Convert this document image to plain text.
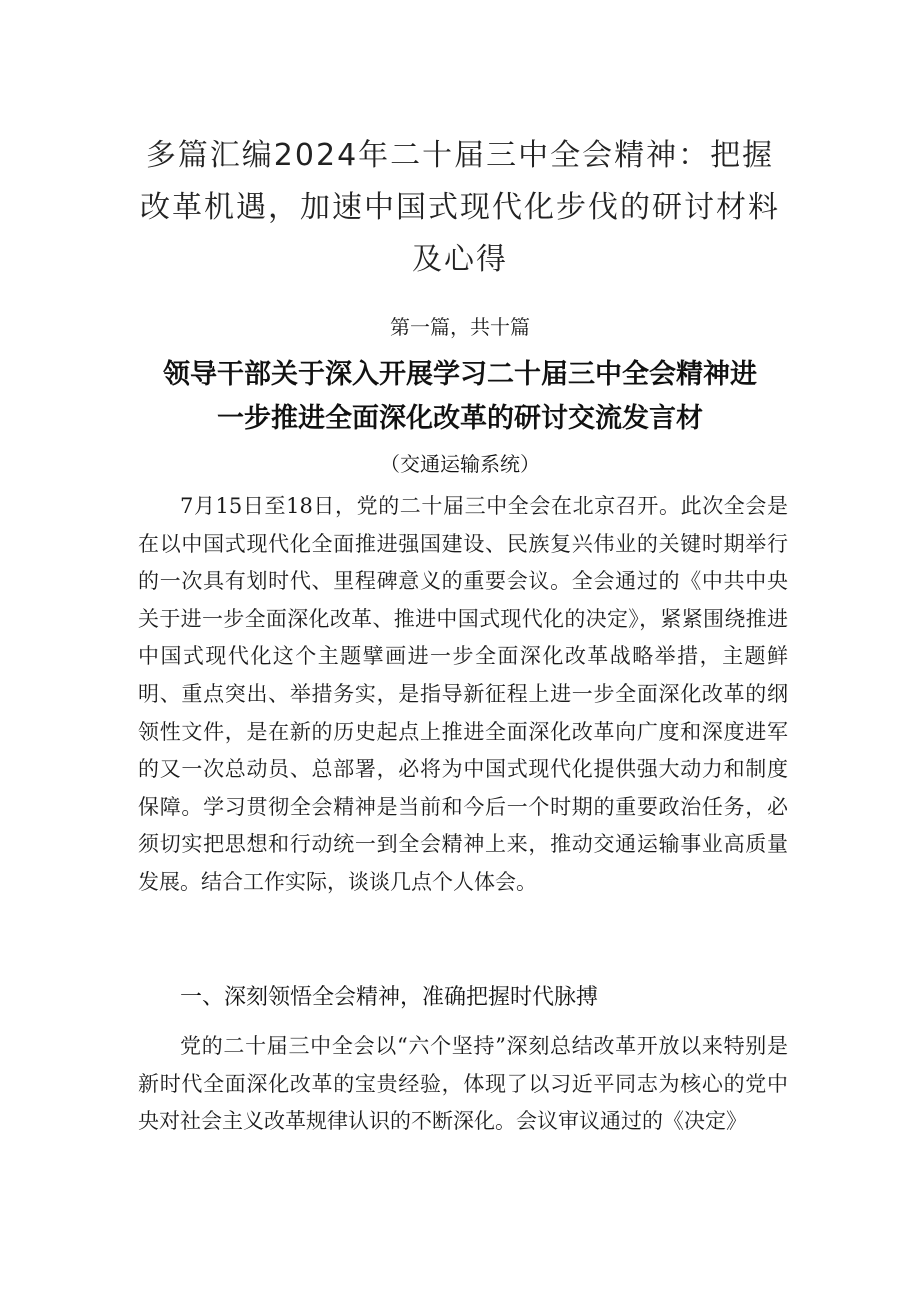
多篇汇编2024年二十届三中全会精神：把握改革机遇，加速中国式现代化步伐的研讨材料及心得
第一篇，共十篇
领导干部关于深入开展学习二十届三中全会精神进一步推进全面深化改革的研讨交流发言材
（交通运输系统）

7月15日至18日，党的二十届三中全会在北京召开。此次全会是在以中国式现代化全面推进强国建设、民族复兴伟业的关键时期举行的一次具有划时代、里程碑意义的重要会议。全会通过的《中共中央关于进一步全面深化改革、推进中国式现代化的决定》，紧紧围绕推进中国式现代化这个主题擘画进一步全面深化改革战略举措，主题鲜明、重点突出、举措务实，是指导新征程上进一步全面深化改革的纲领性文件，是在新的历史起点上推进全面深化改革向广度和深度进军的又一次总动员、总部署，必将为中国式现代化提供强大动力和制度保障。学习贯彻全会精神是当前和今后一个时期的重要政治任务，必须切实把思想和行动统一到全会精神上来，推动交通运输事业高质量发展。结合工作实际，谈谈几点个人体会。

一、深刻领悟全会精神，准确把握时代脉搏

党的二十届三中全会以“六个坚持”深刻总结改革开放以来特别是新时代全面深化改革的宝贵经验，体现了以习近平同志为核心的党中央对社会主义改革规律认识的不断深化。会议审议通过的《决定》
